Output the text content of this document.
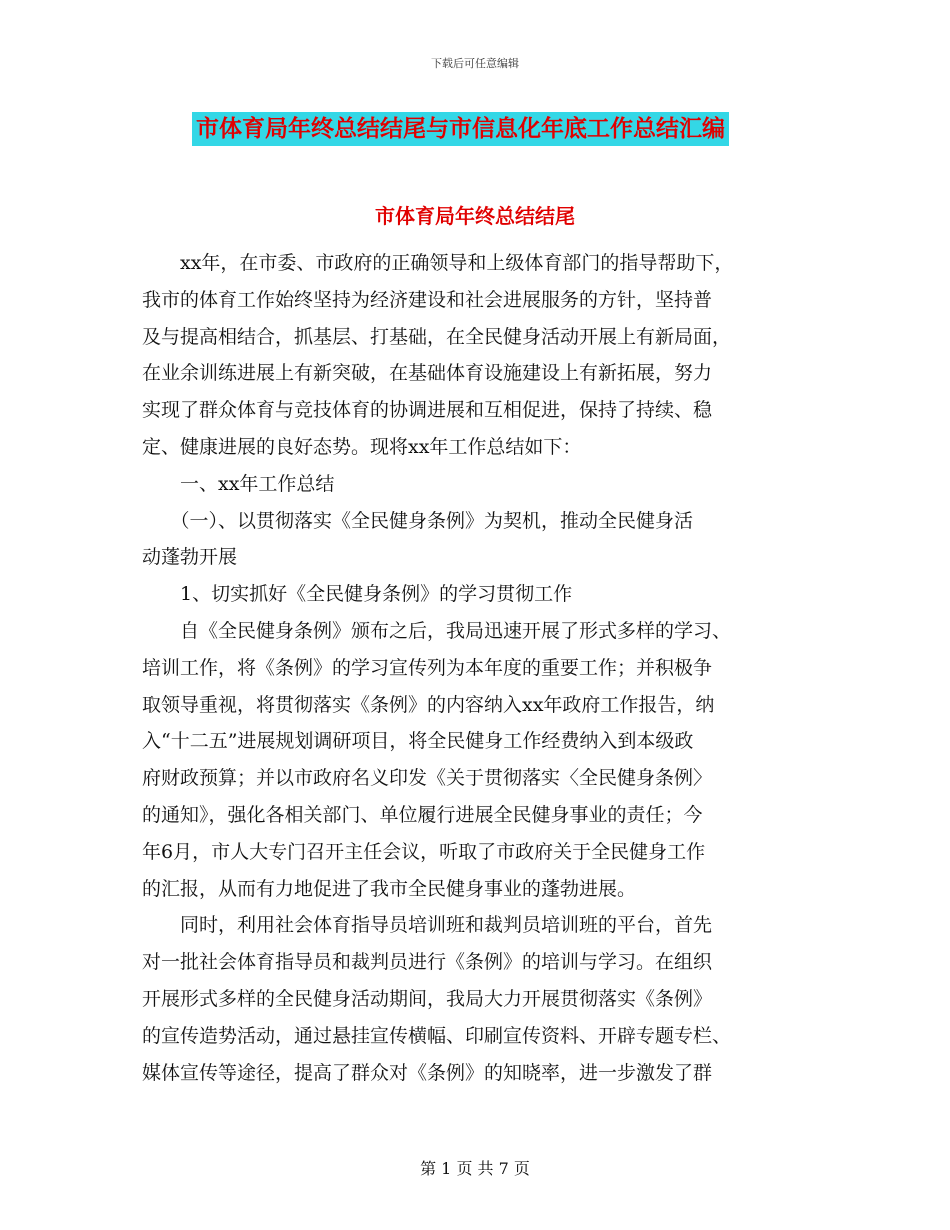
下载后可任意编辑
市体育局年终总结结尾与市信息化年底工作总结汇编
市体育局年终总结结尾
　　xx年，在市委、市政府的正确领导和上级体育部门的指导帮助下，
我市的体育工作始终坚持为经济建设和社会进展服务的方针，坚持普
及与提高相结合，抓基层、打基础，在全民健身活动开展上有新局面，
在业余训练进展上有新突破，在基础体育设施建设上有新拓展，努力
实现了群众体育与竞技体育的协调进展和互相促进，保持了持续、稳
定、健康进展的良好态势。现将xx年工作总结如下：
　　一、xx年工作总结
　　（一）、以贯彻落实《全民健身条例》为契机，推动全民健身活
动蓬勃开展
　　1、切实抓好《全民健身条例》的学习贯彻工作
　　自《全民健身条例》颁布之后，我局迅速开展了形式多样的学习、
培训工作，将《条例》的学习宣传列为本年度的重要工作；并积极争
取领导重视，将贯彻落实《条例》的内容纳入xx年政府工作报告，纳
入“十二五”进展规划调研项目，将全民健身工作经费纳入到本级政
府财政预算；并以市政府名义印发《关于贯彻落实〈全民健身条例〉
的通知》，强化各相关部门、单位履行进展全民健身事业的责任；今
年6月，市人大专门召开主任会议，听取了市政府关于全民健身工作
的汇报，从而有力地促进了我市全民健身事业的蓬勃进展。
　　同时，利用社会体育指导员培训班和裁判员培训班的平台，首先
对一批社会体育指导员和裁判员进行《条例》的培训与学习。在组织
开展形式多样的全民健身活动期间，我局大力开展贯彻落实《条例》
的宣传造势活动，通过悬挂宣传横幅、印刷宣传资料、开辟专题专栏、
媒体宣传等途径，提高了群众对《条例》的知晓率，进一步激发了群
第 1 页 共 7 页
